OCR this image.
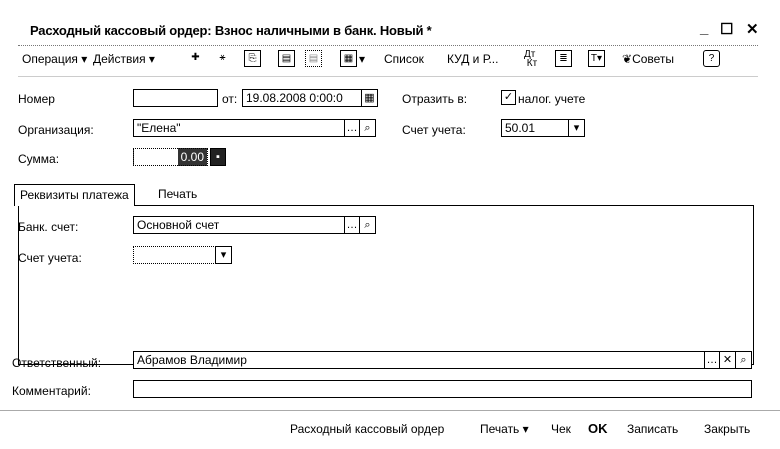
Расходный кассовый ордер: Взнос наличными в банк. Новый *	_ ☐ ✕
Операция ▾ Действия ▾	✚	⚹	⎘	▤	▤	▦ ▾ Список КУД и Р...	Дт
Кт	≣	T▾ ❦Советы	?
Номер	от: 19.08.2008 0:00:0	▦ Отразить в:	✓ налог. учете
Организация:	"Елена"	… ⌕	Счет учета:	50.01	▾
Сумма:	0.00	▪
Реквизиты платежа	Печать
Банк. счет:	Основной счет	… ⌕
Счет учета:	▾
Ответственный:	Абрамов Владимир	… ✕ ⌕
Комментарий:
Расходный кассовый ордер	Печать ▾ Чек OK Записать Закрыть
